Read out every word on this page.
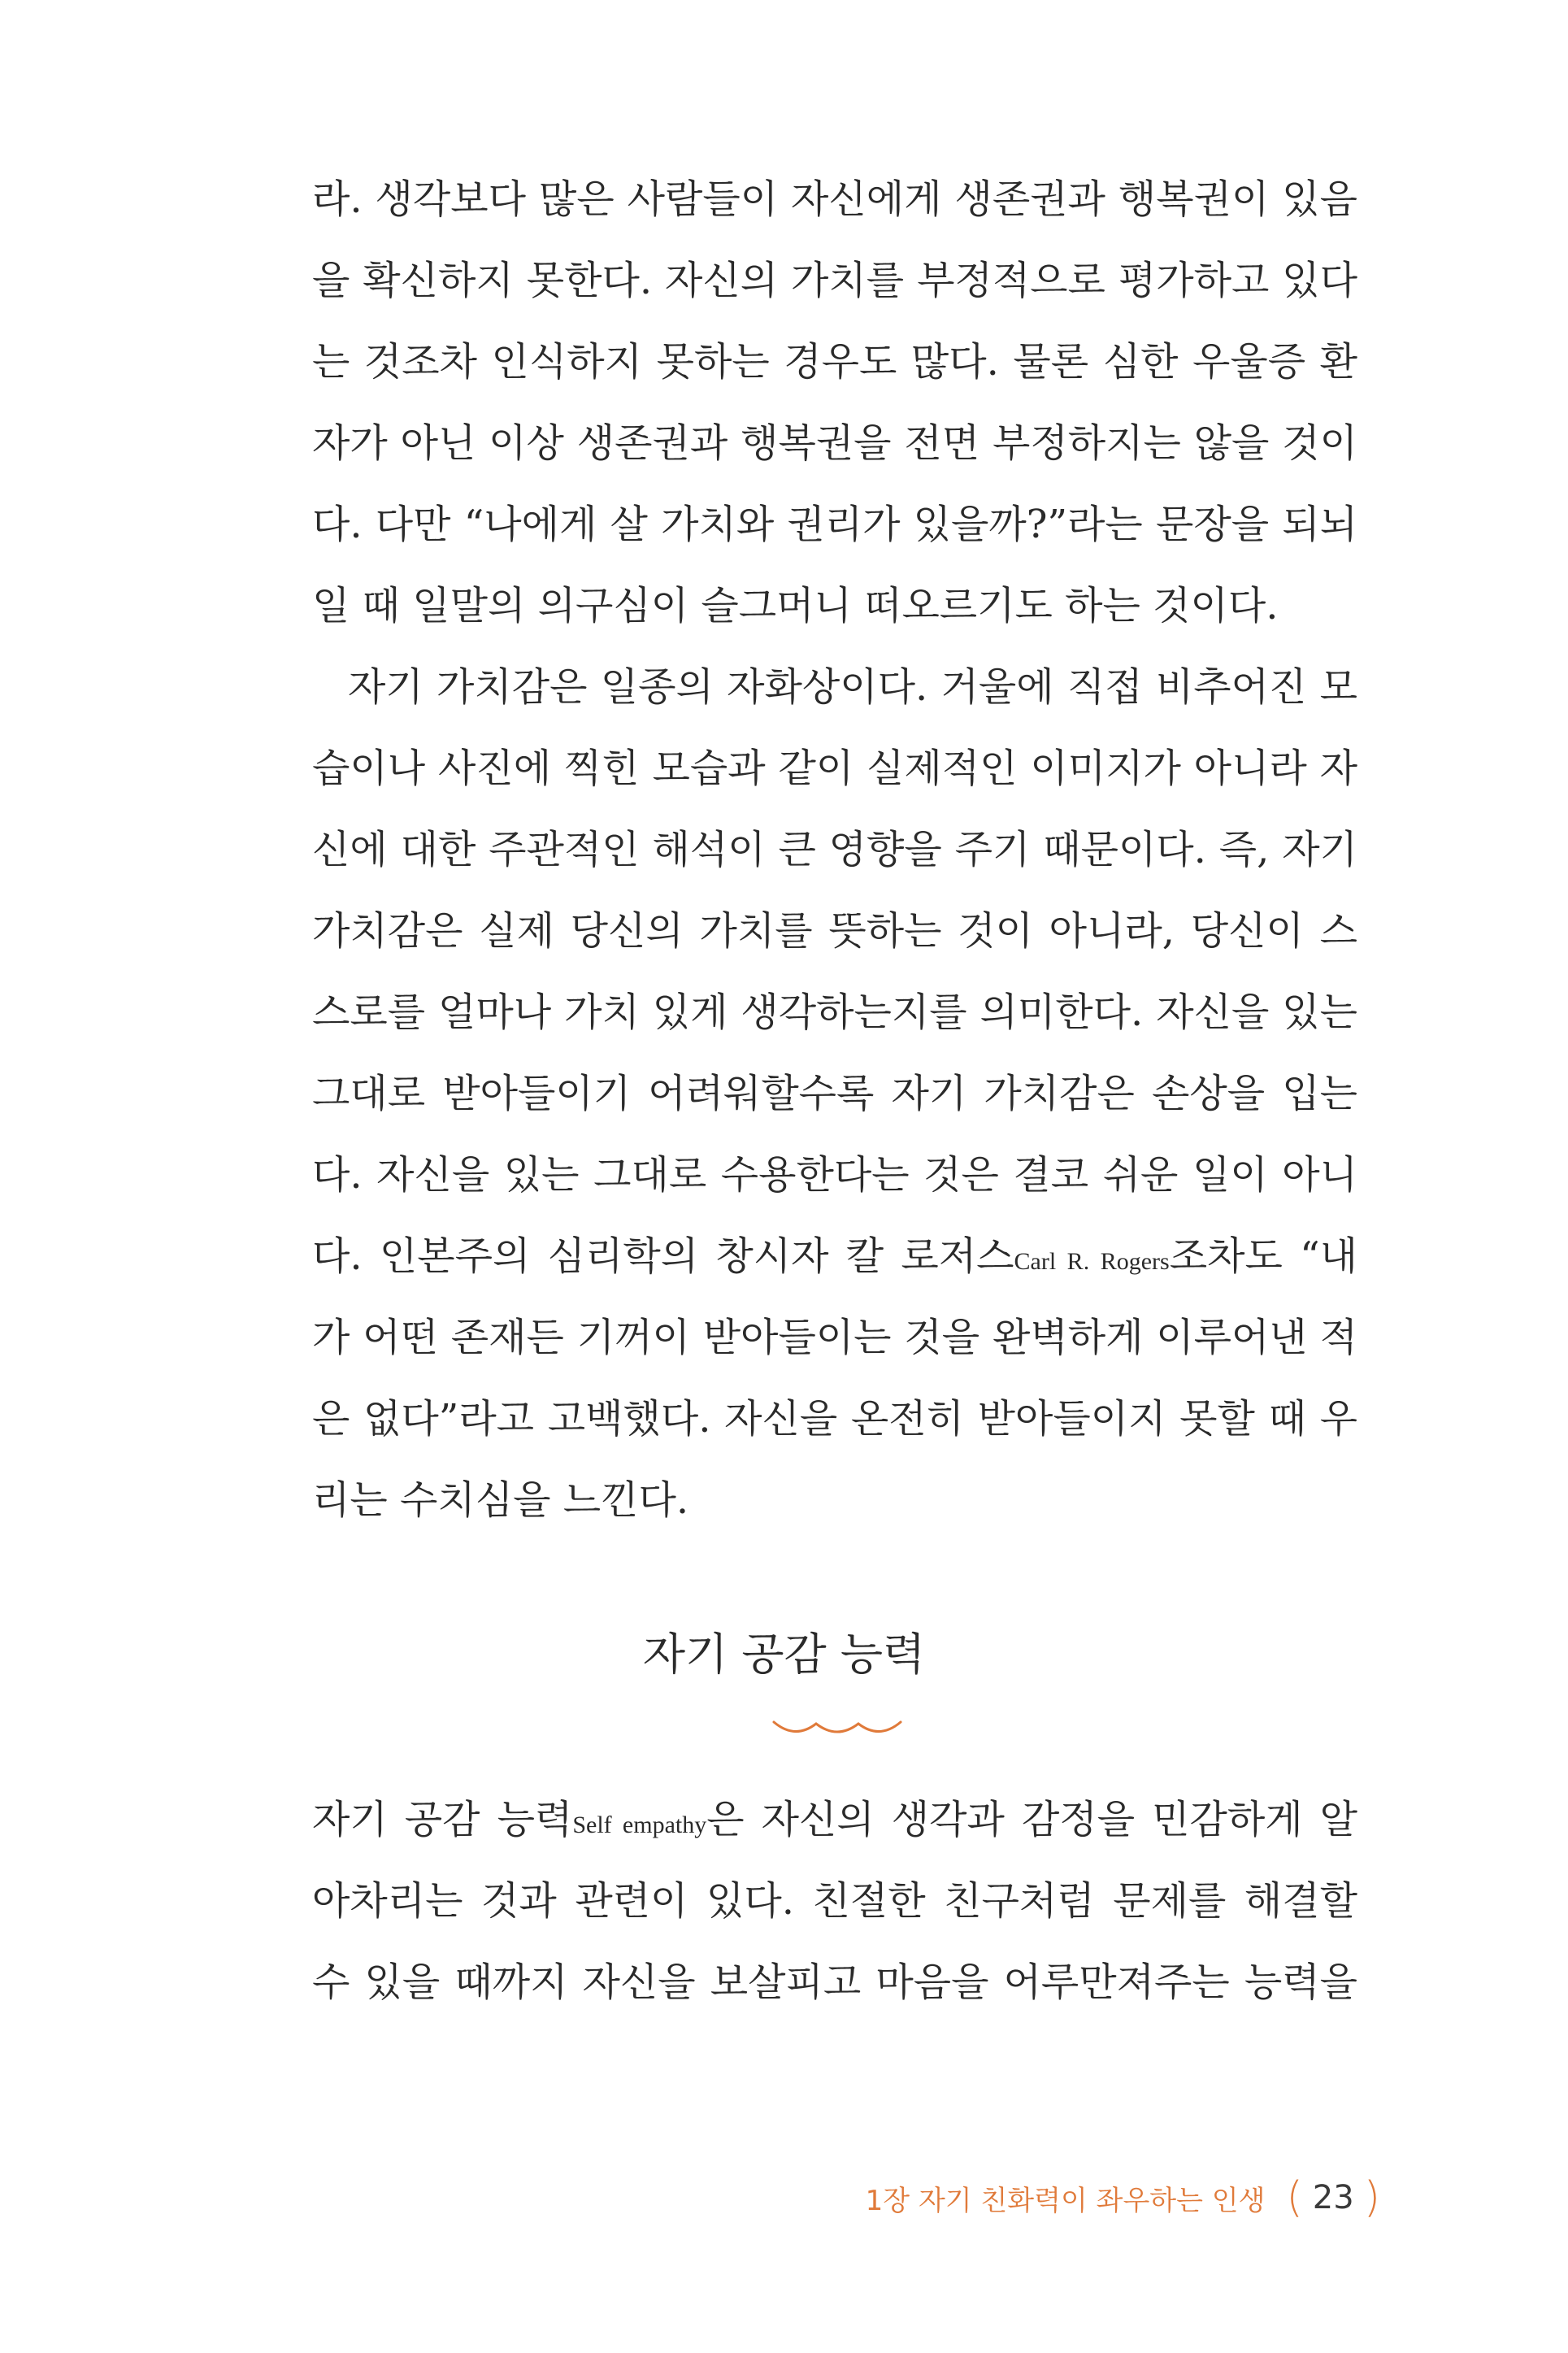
라. 생각보다 많은 사람들이 자신에게 생존권과 행복권이 있음
을 확신하지 못한다. 자신의 가치를 부정적으로 평가하고 있다
는 것조차 인식하지 못하는 경우도 많다. 물론 심한 우울증 환
자가 아닌 이상 생존권과 행복권을 전면 부정하지는 않을 것이
다. 다만 “나에게 살 가치와 권리가 있을까?”라는 문장을 되뇌
일 때 일말의 의구심이 슬그머니 떠오르기도 하는 것이다.
자기 가치감은 일종의 자화상이다. 거울에 직접 비추어진 모
습이나 사진에 찍힌 모습과 같이 실제적인 이미지가 아니라 자
신에 대한 주관적인 해석이 큰 영향을 주기 때문이다. 즉, 자기
가치감은 실제 당신의 가치를 뜻하는 것이 아니라, 당신이 스
스로를 얼마나 가치 있게 생각하는지를 의미한다. 자신을 있는
그대로 받아들이기 어려워할수록 자기 가치감은 손상을 입는
다. 자신을 있는 그대로 수용한다는 것은 결코 쉬운 일이 아니
다. 인본주의 심리학의 창시자 칼 로저스Carl R. Rogers조차도 “내
가 어떤 존재든 기꺼이 받아들이는 것을 완벽하게 이루어낸 적
은 없다”라고 고백했다. 자신을 온전히 받아들이지 못할 때 우
리는 수치심을 느낀다.
자기 공감 능력
자기 공감 능력Self empathy은 자신의 생각과 감정을 민감하게 알
아차리는 것과 관련이 있다. 친절한 친구처럼 문제를 해결할
수 있을 때까지 자신을 보살피고 마음을 어루만져주는 능력을
1장 자기 친화력이 좌우하는 인생 ( 23 )
